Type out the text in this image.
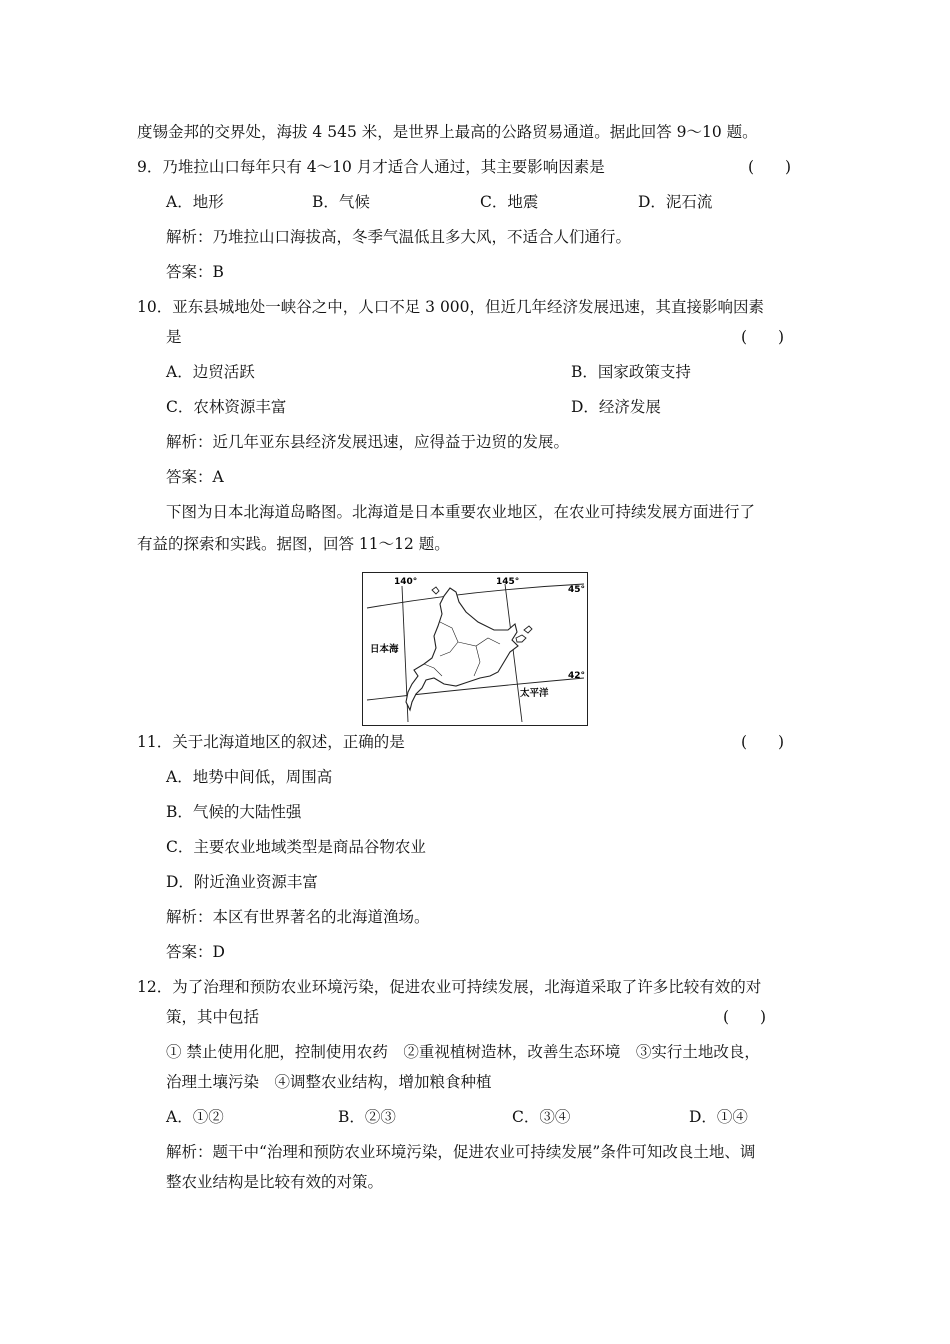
度锡金邦的交界处，海拔 4 545 米，是世界上最高的公路贸易通道。据此回答 9～10 题。
9．乃堆拉山口每年只有 4～10 月才适合人通过，其主要影响因素是	(　　)
A．地形	B．气候	C．地震	D．泥石流
解析：乃堆拉山口海拔高，冬季气温低且多大风，不适合人们通行。
答案：B
10．亚东县城地处一峡谷之中，人口不足 3 000，但近几年经济发展迅速，其直接影响因素
是	(　　)
A．边贸活跃	B．国家政策支持
C．农林资源丰富	D．经济发展
解析：近几年亚东县经济发展迅速，应得益于边贸的发展。
答案：A
下图为日本北海道岛略图。北海道是日本重要农业地区，在农业可持续发展方面进行了
有益的探索和实践。据图，回答 11～12 题。
140°	145°
45°
42°
日本海
太平洋
11．关于北海道地区的叙述，正确的是	(　　)
A．地势中间低，周围高
B．气候的大陆性强
C．主要农业地域类型是商品谷物农业
D．附近渔业资源丰富
解析：本区有世界著名的北海道渔场。
答案：D
12．为了治理和预防农业环境污染，促进农业可持续发展，北海道采取了许多比较有效的对
策，其中包括	(　　)
① 禁止使用化肥，控制使用农药　②重视植树造林，改善生态环境　③实行土地改良，
治理土壤污染　④调整农业结构，增加粮食种植
A．①②	B．②③	C．③④	D．①④
解析：题干中“治理和预防农业环境污染，促进农业可持续发展”条件可知改良土地、调
整农业结构是比较有效的对策。
